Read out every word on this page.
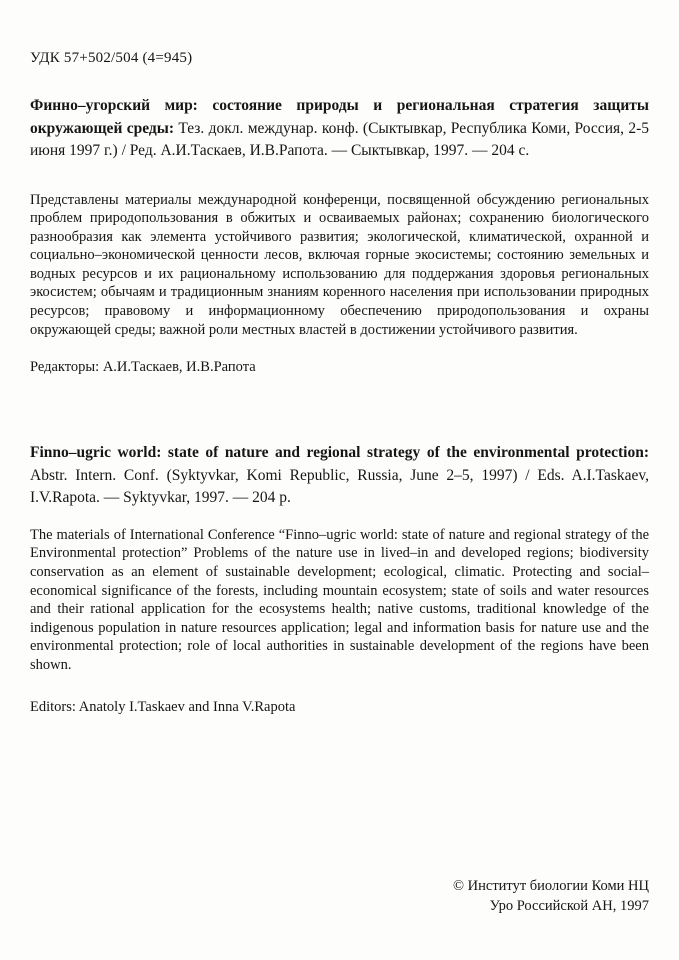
УДК 57+502/504 (4=945)

Финно–угорский мир: состояние природы и региональная стратегия защиты окружающей среды: Тез. докл. междунар. конф. (Сыктывкар, Республика Коми, Россия, 2-5 июня 1997 г.) / Ред. А.И.Таскаев, И.В.Рапота. — Сыктывкар, 1997. — 204 с.

Представлены материалы международной конференци, посвященной обсуждению региональных проблем природопользования в обжитых и осваиваемых районах; сохранению биологического разнообразия как элемента устойчивого развития; экологической, климатической, охранной и социально–экономической ценности лесов, включая горные экосистемы; состоянию земельных и водных ресурсов и их рациональному использованию для поддержания здоровья региональных экосистем; обычаям и традиционным знаниям коренного населения при использовании природных ресурсов; правовому и информационному обеспечению природопользования и охраны окружающей среды; важной роли местных властей в достижении устойчивого развития.

Редакторы: А.И.Таскаев, И.В.Рапота

Finno–ugric world: state of nature and regional strategy of the environmental protection: Abstr. Intern. Conf. (Syktyvkar, Komi Republic, Russia, June 2–5, 1997) / Eds. A.I.Taskaev, I.V.Rapota. — Syktyvkar, 1997. — 204 p.

The materials of International Conference “Finno–ugric world: state of nature and regional strategy of the Environmental protection” Problems of the nature use in lived–in and developed regions; biodiversity conservation as an element of sustainable development; ecological, climatic. Protecting and social–economical significance of the forests, including mountain ecosystem; state of soils and water resources and their rational application for the ecosystems health; native customs, traditional knowledge of the indigenous population in nature resources application; legal and information basis for nature use and the environmental protection; role of local authorities in sustainable development of the regions have been shown.

Editors: Anatoly I.Taskaev and Inna V.Rapota

© Институт биологии Коми НЦ
Уро Российской АН, 1997
